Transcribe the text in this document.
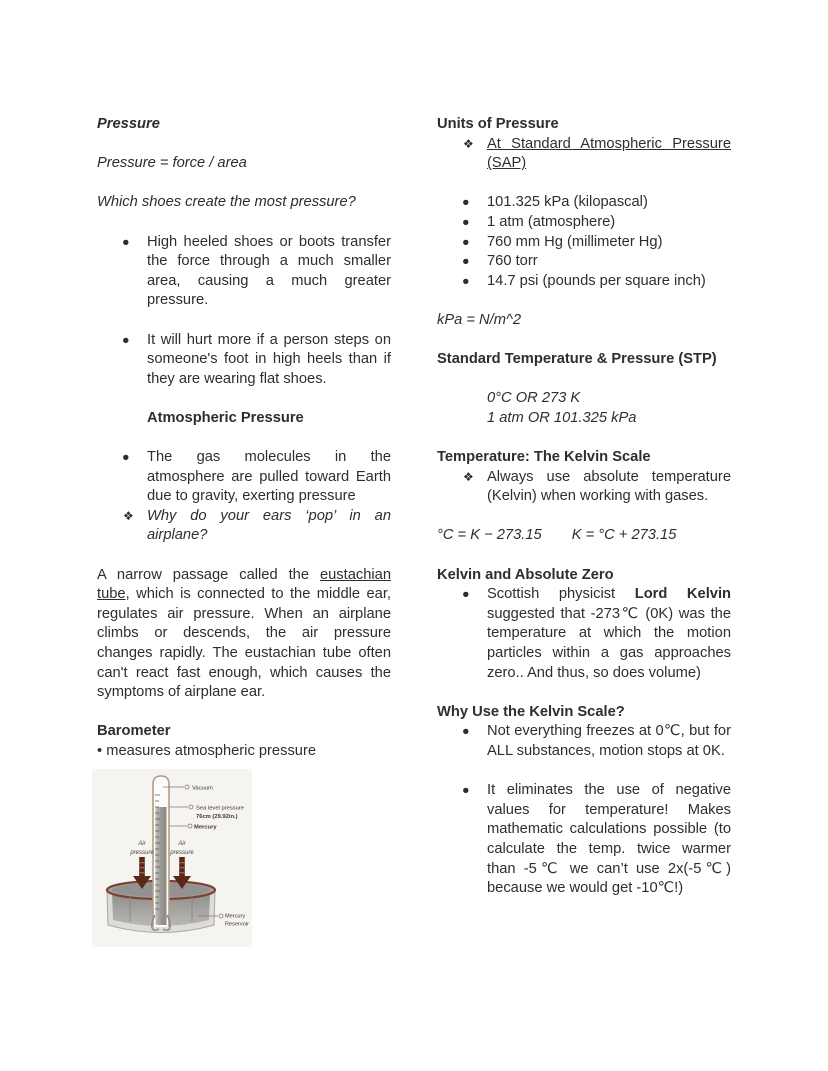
Pressure

Pressure = force / area

Which shoes create the most pressure?

● High heeled shoes or boots transfer the force through a much smaller area, causing a much greater pressure.
● It will hurt more if a person steps on someone's foot in high heels than if they are wearing flat shoes.

Atmospheric Pressure

● The gas molecules in the atmosphere are pulled toward Earth due to gravity, exerting pressure
❖ Why do your ears ‘pop’ in an airplane?

A narrow passage called the eustachian tube, which is connected to the middle ear, regulates air pressure. When an airplane climbs or descends, the air pressure changes rapidly. The eustachian tube often can't react fast enough, which causes the symptoms of airplane ear.

Barometer

• measures atmospheric pressure

Vacuum
Sea level pressure
76cm (29.92in.)
Mercury
Air
pressure
Air
pressure
Mercury
Reservoir

Units of Pressure

❖ At Standard Atmospheric Pressure (SAP)
● 101.325 kPa (kilopascal)
● 1 atm (atmosphere)
● 760 mm Hg (millimeter Hg)
● 760 torr
● 14.7 psi (pounds per square inch)

kPa = N/m^2

Standard Temperature & Pressure (STP)

0°C OR 273 K

1 atm OR 101.325 kPa

Temperature: The Kelvin Scale

❖ Always use absolute temperature (Kelvin) when working with gases.

°C = K − 273.15 K = °C + 273.15

Kelvin and Absolute Zero

● Scottish physicist Lord Kelvin suggested that -273℃ (0K) was the temperature at which the motion particles within a gas approaches zero.. And thus, so does volume)

Why Use the Kelvin Scale?

● Not everything freezes at 0℃, but for ALL substances, motion stops at 0K.
● It eliminates the use of negative values for temperature! Makes mathematic calculations possible (to calculate the temp. twice warmer than -5℃ we can’t use 2x(-5℃) because we would get -10℃!)
